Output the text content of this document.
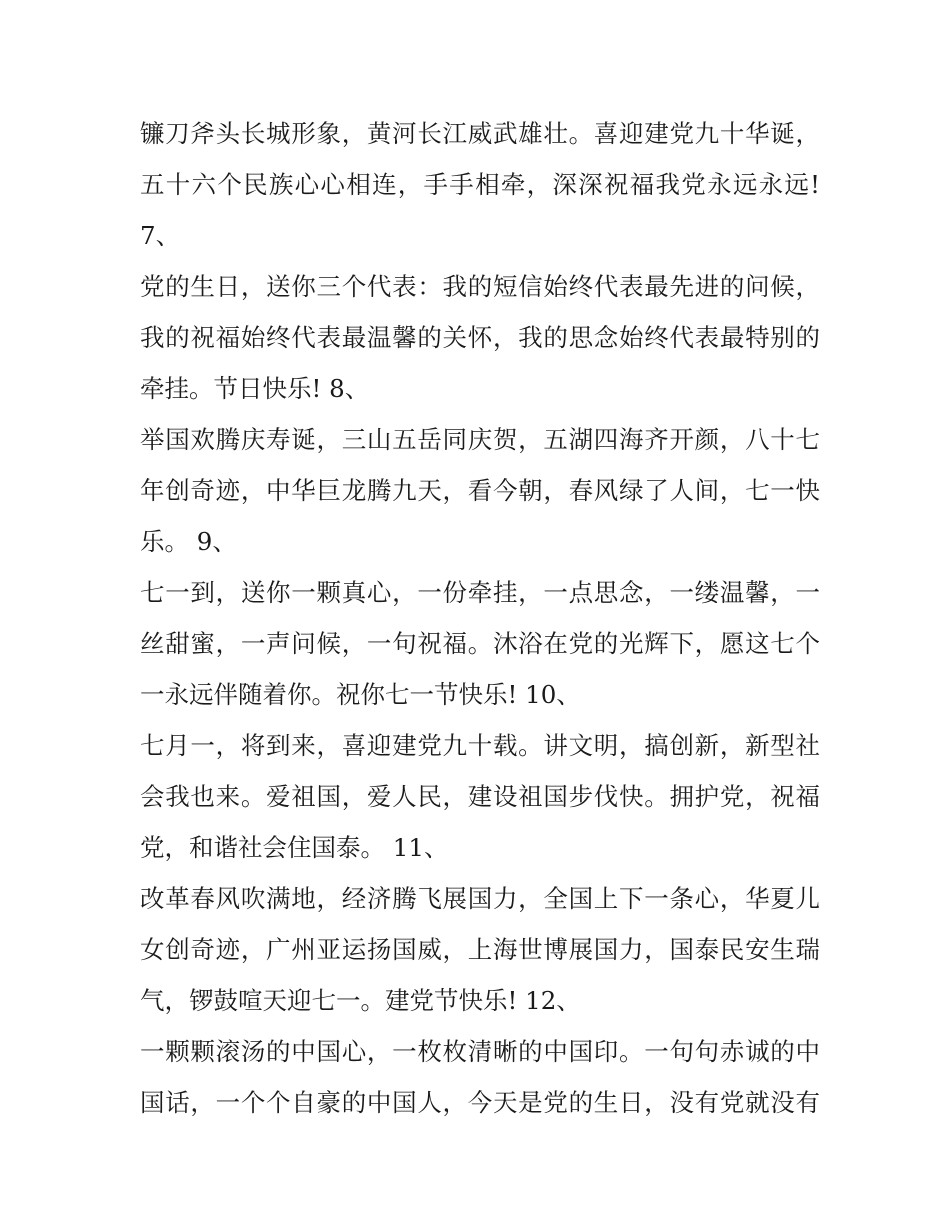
镰刀斧头长城形象，黄河长江威武雄壮。喜迎建党九十华诞，
五十六个民族心心相连，手手相牵，深深祝福我党永远永远!
7、
党的生日，送你三个代表：我的短信始终代表最先进的问候，
我的祝福始终代表最温馨的关怀，我的思念始终代表最特别的
牵挂。节日快乐! 8、
举国欢腾庆寿诞，三山五岳同庆贺，五湖四海齐开颜，八十七
年创奇迹，中华巨龙腾九天，看今朝，春风绿了人间，七一快
乐。 9、
七一到，送你一颗真心，一份牵挂，一点思念，一缕温馨，一
丝甜蜜，一声问候，一句祝福。沐浴在党的光辉下，愿这七个
一永远伴随着你。祝你七一节快乐! 10、
七月一，将到来，喜迎建党九十载。讲文明，搞创新，新型社
会我也来。爱祖国，爱人民，建设祖国步伐快。拥护党，祝福
党，和谐社会住国泰。 11、
改革春风吹满地，经济腾飞展国力，全国上下一条心，华夏儿
女创奇迹，广州亚运扬国威，上海世博展国力，国泰民安生瑞
气，锣鼓喧天迎七一。建党节快乐! 12、
一颗颗滚汤的中国心，一枚枚清晰的中国印。一句句赤诚的中
国话，一个个自豪的中国人，今天是党的生日，没有党就没有
